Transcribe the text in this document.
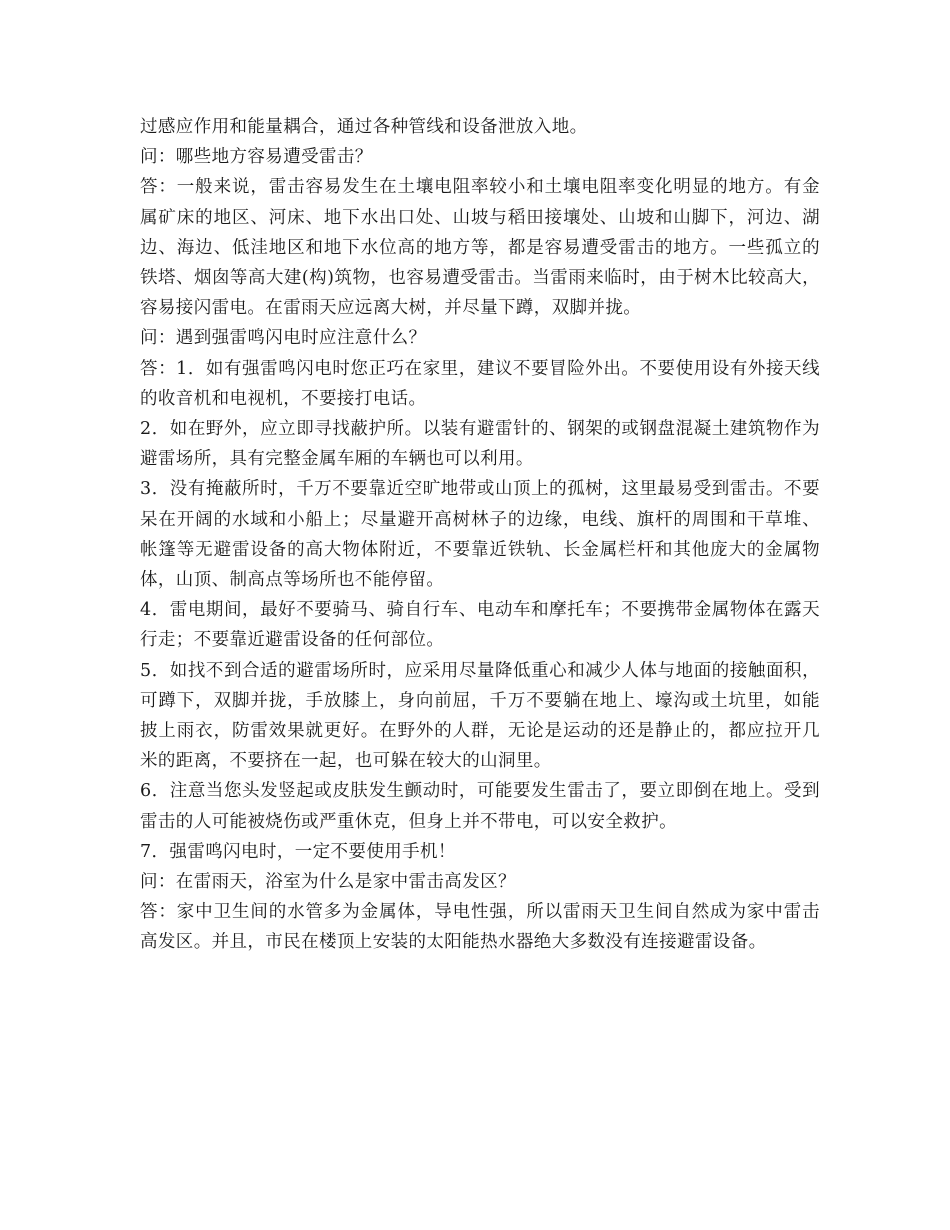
过感应作用和能量耦合，通过各种管线和设备泄放入地。

问：哪些地方容易遭受雷击？

答：一般来说，雷击容易发生在土壤电阻率较小和土壤电阻率变化明显的地方。有金属矿床的地区、河床、地下水出口处、山坡与稻田接壤处、山坡和山脚下，河边、湖边、海边、低洼地区和地下水位高的地方等，都是容易遭受雷击的地方。一些孤立的铁塔、烟囱等高大建(构)筑物，也容易遭受雷击。当雷雨来临时，由于树木比较高大，容易接闪雷电。在雷雨天应远离大树，并尽量下蹲，双脚并拢。

问：遇到强雷鸣闪电时应注意什么？

答：1．如有强雷鸣闪电时您正巧在家里，建议不要冒险外出。不要使用设有外接天线的收音机和电视机，不要接打电话。

2．如在野外，应立即寻找蔽护所。以装有避雷针的、钢架的或钢盘混凝土建筑物作为避雷场所，具有完整金属车厢的车辆也可以利用。

3．没有掩蔽所时，千万不要靠近空旷地带或山顶上的孤树，这里最易受到雷击。不要呆在开阔的水域和小船上；尽量避开高树林子的边缘，电线、旗杆的周围和干草堆、帐篷等无避雷设备的高大物体附近，不要靠近铁轨、长金属栏杆和其他庞大的金属物体，山顶、制高点等场所也不能停留。

4．雷电期间，最好不要骑马、骑自行车、电动车和摩托车；不要携带金属物体在露天行走；不要靠近避雷设备的任何部位。

5．如找不到合适的避雷场所时，应采用尽量降低重心和减少人体与地面的接触面积，可蹲下，双脚并拢，手放膝上，身向前屈，千万不要躺在地上、壕沟或土坑里，如能披上雨衣，防雷效果就更好。在野外的人群，无论是运动的还是静止的，都应拉开几米的距离，不要挤在一起，也可躲在较大的山洞里。

6．注意当您头发竖起或皮肤发生颤动时，可能要发生雷击了，要立即倒在地上。受到雷击的人可能被烧伤或严重休克，但身上并不带电，可以安全救护。

7．强雷鸣闪电时，一定不要使用手机！

问：在雷雨天，浴室为什么是家中雷击高发区？

答：家中卫生间的水管多为金属体，导电性强，所以雷雨天卫生间自然成为家中雷击高发区。并且，市民在楼顶上安装的太阳能热水器绝大多数没有连接避雷设备。
